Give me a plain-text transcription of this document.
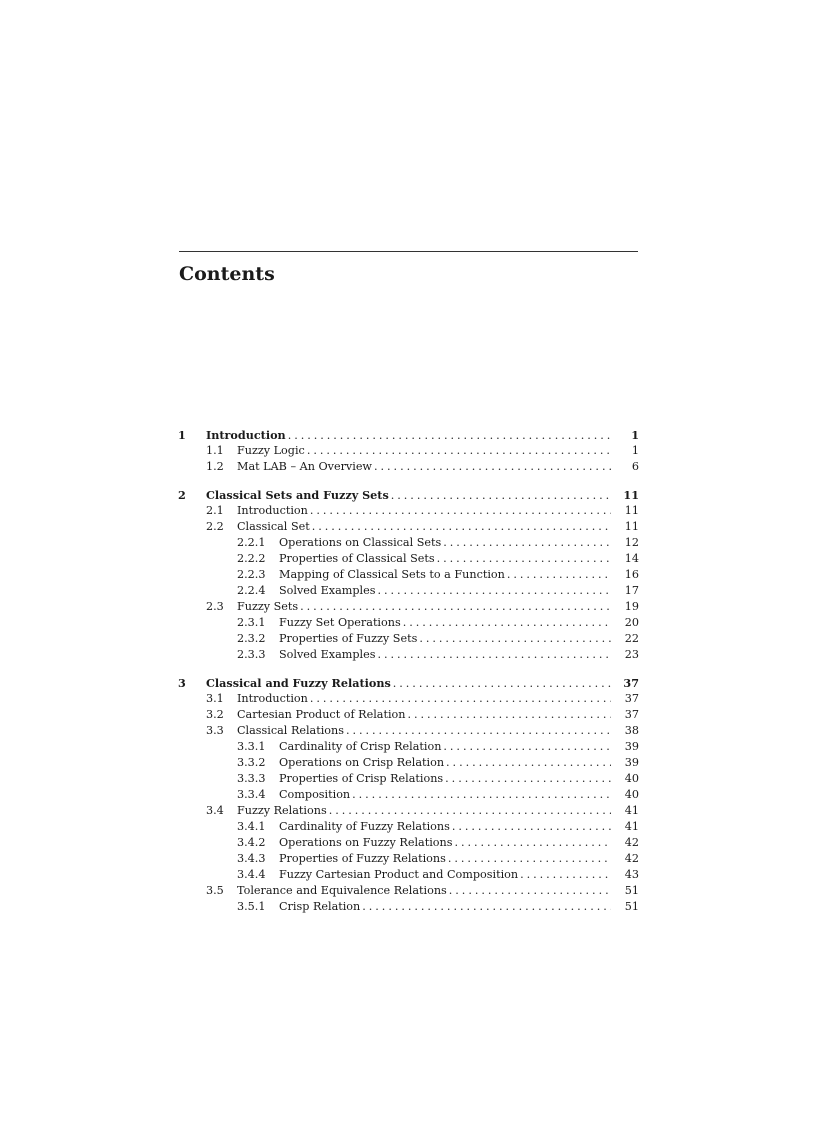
Contents
1 Introduction . . .	1
1.1 Fuzzy Logic . . .	1
1.2 Mat LAB – An Overview . . .	6
2 Classical Sets and Fuzzy Sets . . .	11
2.1 Introduction . . .	11
2.2 Classical Set . . .	11
2.2.1 Operations on Classical Sets . . .	12
2.2.2 Properties of Classical Sets . . .	14
2.2.3 Mapping of Classical Sets to a Function . . .	16
2.2.4 Solved Examples . . .	17
2.3 Fuzzy Sets . . .	19
2.3.1 Fuzzy Set Operations . . .	20
2.3.2 Properties of Fuzzy Sets . . .	22
2.3.3 Solved Examples . . .	23
3 Classical and Fuzzy Relations . . .	37
3.1 Introduction . . .	37
3.2 Cartesian Product of Relation . . .	37
3.3 Classical Relations . . .	38
3.3.1 Cardinality of Crisp Relation . . .	39
3.3.2 Operations on Crisp Relation . . .	39
3.3.3 Properties of Crisp Relations . . .	40
3.3.4 Composition . . .	40
3.4 Fuzzy Relations . . .	41
3.4.1 Cardinality of Fuzzy Relations . . .	41
3.4.2 Operations on Fuzzy Relations . . .	42
3.4.3 Properties of Fuzzy Relations . . .	42
3.4.4 Fuzzy Cartesian Product and Composition . . .	43
3.5 Tolerance and Equivalence Relations . . .	51
3.5.1 Crisp Relation . . .	51
